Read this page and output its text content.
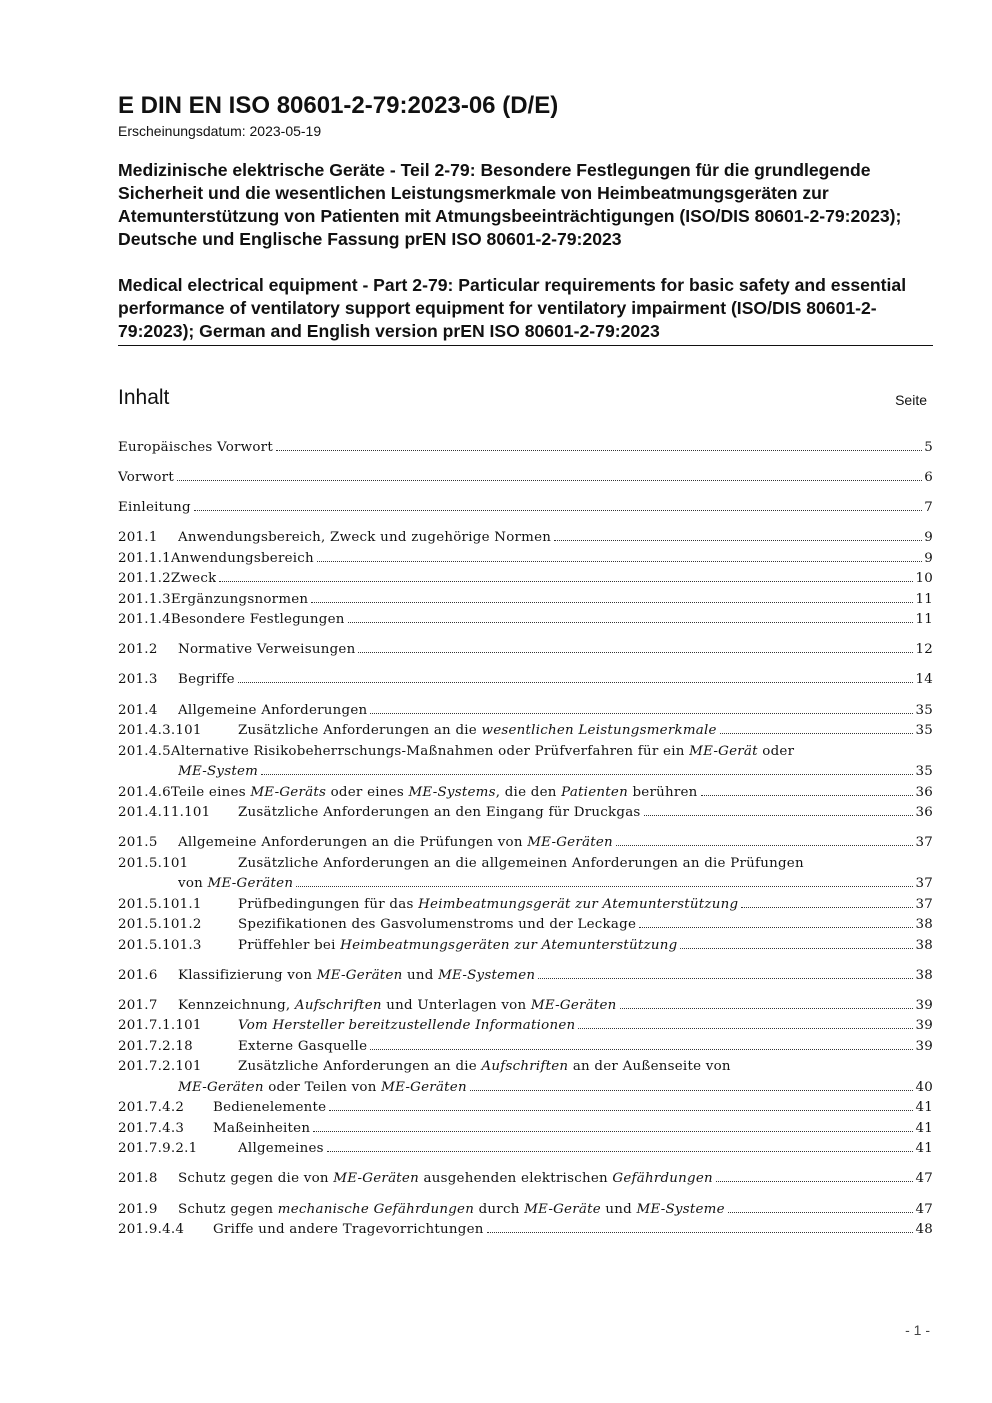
E DIN EN ISO 80601-2-79:2023-06 (D/E)

Erscheinungsdatum: 2023-05-19

Medizinische elektrische Geräte - Teil 2-79: Besondere Festlegungen für die grundlegende Sicherheit und die wesentlichen Leistungsmerkmale von Heimbeatmungsgeräten zur Atemunterstützung von Patienten mit Atmungsbeeinträchtigungen (ISO/DIS 80601-2-79:2023); Deutsche und Englische Fassung prEN ISO 80601-2-79:2023

Medical electrical equipment - Part 2-79: Particular requirements for basic safety and essential performance of ventilatory support equipment for ventilatory impairment (ISO/DIS 80601-2-79:2023); German and English version prEN ISO 80601-2-79:2023

Inhalt	Seite
Europäisches Vorwort	5
Vorwort	6
Einleitung	7
201.1	Anwendungsbereich, Zweck und zugehörige Normen	9
201.1.1 Anwendungsbereich	9
201.1.2 Zweck	10
201.1.3 Ergänzungsnormen	11
201.1.4 Besondere Festlegungen	11
201.2	Normative Verweisungen	12
201.3	Begriffe	14
201.4	Allgemeine Anforderungen	35
201.4.3.101	Zusätzliche Anforderungen an die wesentlichen Leistungsmerkmale	35
201.4.5Alternative Risikobeherrschungs-Maßnahmen oder Prüfverfahren für ein ME-Gerät oder
ME-System	35
201.4.6 Teile eines ME-Geräts oder eines ME-Systems, die den Patienten berühren	36
201.4.11.101	Zusätzliche Anforderungen an den Eingang für Druckgas	36
201.5	Allgemeine Anforderungen an die Prüfungen von ME-Geräten	37
201.5.101	Zusätzliche Anforderungen an die allgemeinen Anforderungen an die Prüfungen
von ME-Geräten	37
201.5.101.1	Prüfbedingungen für das Heimbeatmungsgerät zur Atemunterstützung	37
201.5.101.2	Spezifikationen des Gasvolumenstroms und der Leckage	38
201.5.101.3	Prüffehler bei Heimbeatmungsgeräten zur Atemunterstützung	38
201.6	Klassifizierung von ME-Geräten und ME-Systemen	38
201.7	Kennzeichnung, Aufschriften und Unterlagen von ME-Geräten	39
201.7.1.101	Vom Hersteller bereitzustellende Informationen	39
201.7.2.18	Externe Gasquelle	39
201.7.2.101	Zusätzliche Anforderungen an die Aufschriften an der Außenseite von
ME-Geräten oder Teilen von ME-Geräten	40
201.7.4.2	Bedienelemente	41
201.7.4.3	Maßeinheiten	41
201.7.9.2.1	Allgemeines	41
201.8	Schutz gegen die von ME-Geräten ausgehenden elektrischen Gefährdungen	47
201.9	Schutz gegen mechanische Gefährdungen durch ME-Geräte und ME-Systeme	47
201.9.4.4	Griffe und andere Tragevorrichtungen	48
- 1 -
